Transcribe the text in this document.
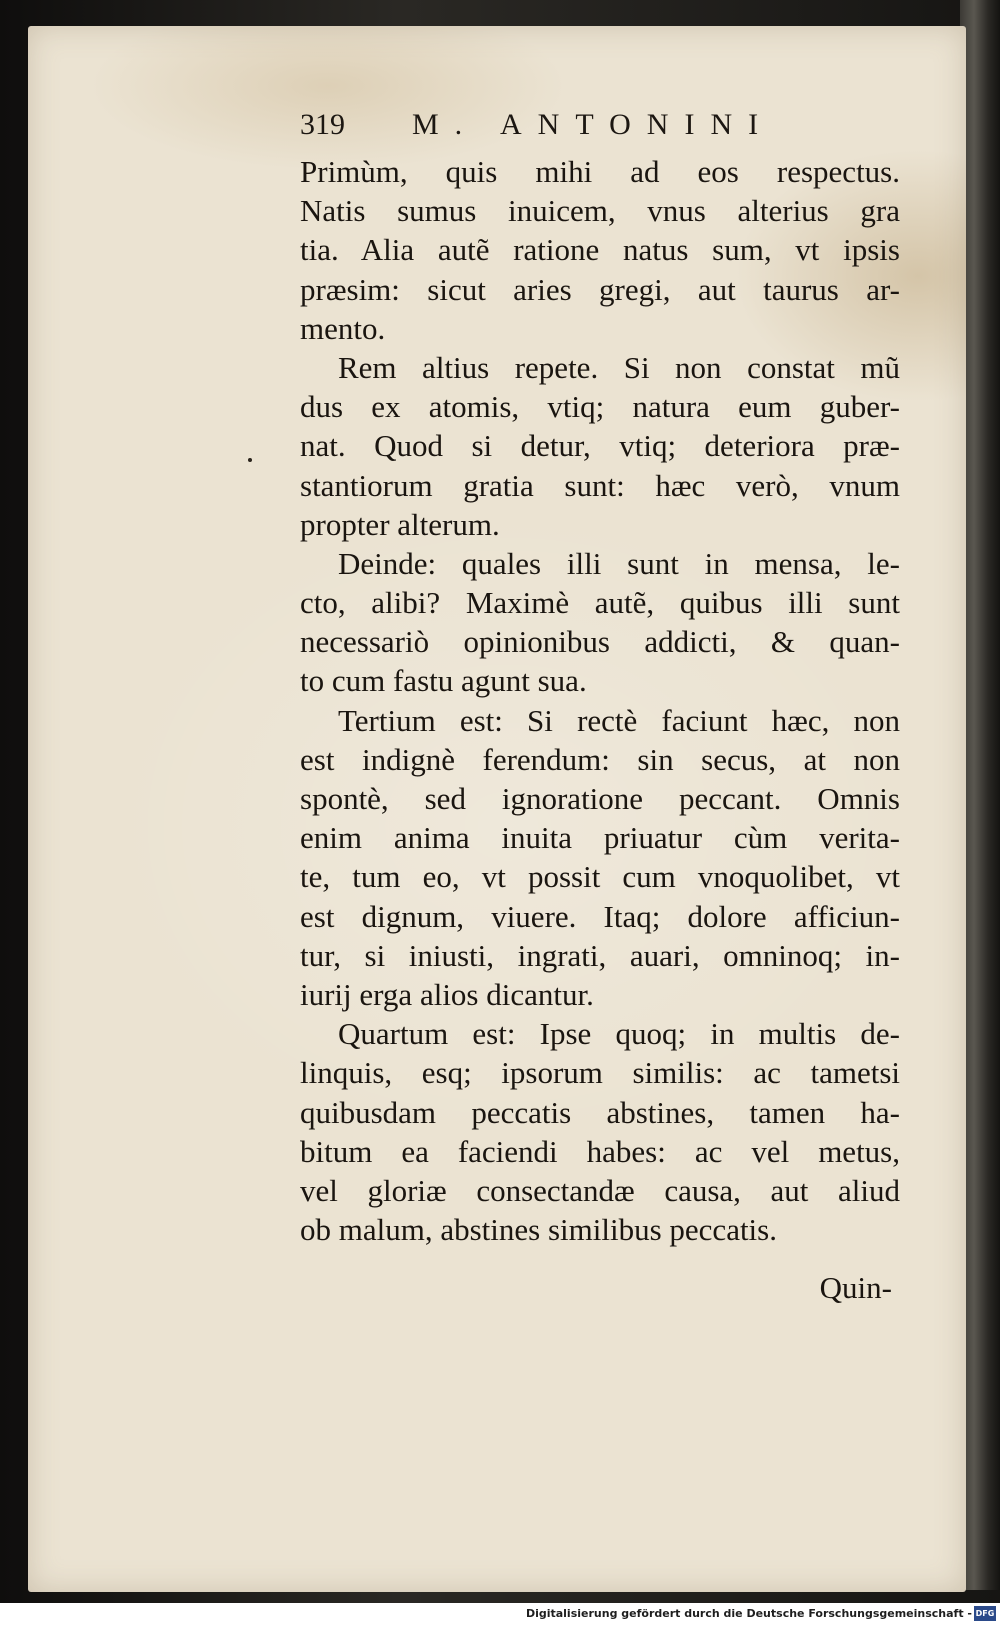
319 M. ANTONINI
Primùm, quis mihi ad eos respectus.
Natis sumus inuicem, vnus alterius gra
tia. Alia autẽ ratione natus sum, vt ipsis
præsim: sicut aries gregi, aut taurus ar-
mento.
Rem altius repete. Si non constat mũ
dus ex atomis, vtiq; natura eum guber-
nat. Quod si detur, vtiq; deteriora præ-
stantiorum gratia sunt: hæc verò, vnum
propter alterum.
Deinde: quales illi sunt in mensa, le-
cto, alibi? Maximè autẽ, quibus illi sunt
necessariò opinionibus addicti, & quan-
to cum fastu agunt sua.
Tertium est: Si rectè faciunt hæc, non
est indignè ferendum: sin secus, at non
spontè, sed ignoratione peccant. Omnis
enim anima inuita priuatur cùm verita-
te, tum eo, vt possit cum vnoquolibet, vt
est dignum, viuere. Itaq; dolore afficiun-
tur, si iniusti, ingrati, auari, omninoq; in-
iurij erga alios dicantur.
Quartum est: Ipse quoq; in multis de-
linquis, esq; ipsorum similis: ac tametsi
quibusdam peccatis abstines, tamen ha-
bitum ea faciendi habes: ac vel metus,
vel gloriæ consectandæ causa, aut aliud
ob malum, abstines similibus peccatis.
Quin-
Digitalisierung gefördert durch die Deutsche Forschungsgemeinschaft - DFG
